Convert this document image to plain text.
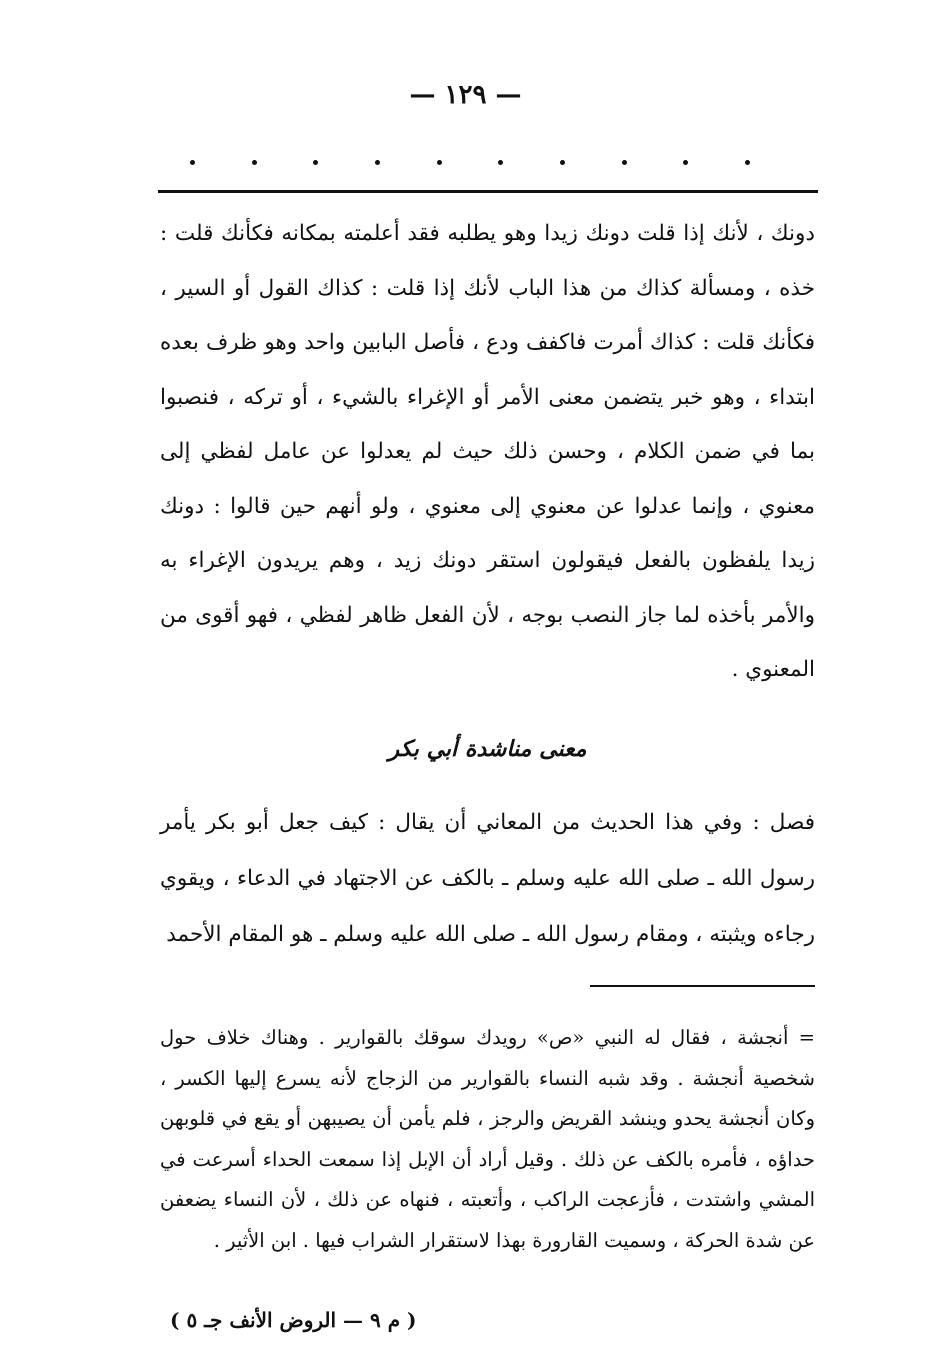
— ١٢٩ —

دونك ، لأنك إذا قلت دونك زيدا وهو يطلبه فقد أعلمته بمكانه فكأنك قلت : خذه ، ومسألة كذاك من هذا الباب لأنك إذا قلت : كذاك القول أو السير ، فكأنك قلت : كذاك أمرت فاكفف ودع ، فأصل البابين واحد وهو ظرف بعده ابتداء ، وهو خبر يتضمن معنى الأمر أو الإغراء بالشيء ، أو تركه ، فنصبوا بما في ضمن الكلام ، وحسن ذلك حيث لم يعدلوا عن عامل لفظي إلى معنوي ، وإنما عدلوا عن معنوي إلى معنوي ، ولو أنهم حين قالوا : دونك زيدا يلفظون بالفعل فيقولون استقر دونك زيد ، وهم يريدون الإغراء به والأمر بأخذه لما جاز النصب بوجه ، لأن الفعل ظاهر لفظي ، فهو أقوى من المعنوي .

معنى مناشدة أبي بكر

فصل : وفي هذا الحديث من المعاني أن يقال : كيف جعل أبو بكر يأمر رسول الله ـ صلى الله عليه وسلم ـ بالكف عن الاجتهاد في الدعاء ، ويقوي رجاءه ويثبته ، ومقام رسول الله ـ صلى الله عليه وسلم ـ هو المقام الأحمد

= أنجشة ، فقال له النبي «ص» رويدك سوقك بالقوارير . وهناك خلاف حول شخصية أنجشة . وقد شبه النساء بالقوارير من الزجاج لأنه يسرع إليها الكسر ، وكان أنجشة يحدو وينشد القريض والرجز ، فلم يأمن أن يصيبهن أو يقع في قلوبهن حداؤه ، فأمره بالكف عن ذلك . وقيل أراد أن الإبل إذا سمعت الحداء أسرعت في المشي واشتدت ، فأزعجت الراكب ، وأتعبته ، فنهاه عن ذلك ، لأن النساء يضعفن عن شدة الحركة ، وسميت القارورة بهذا لاستقرار الشراب فيها . ابن الأثير .

( م ٩ — الروض الأنف جـ ٥ )
